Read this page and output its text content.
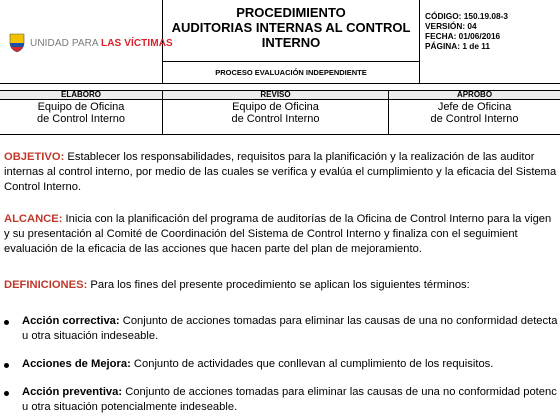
UNIDAD PARA LAS VÍCTIMAS
PROCEDIMIENTO
AUDITORIAS INTERNAS AL CONTROL
INTERNO
PROCESO EVALUACIÓN INDEPENDIENTE
CÓDIGO: 150.19.08-3
VERSIÓN: 04
FECHA: 01/06/2016
PÁGINA: 1 de 11
ELABORO
Equipo de Oficina
de Control Interno
REVISO
Equipo de Oficina
de Control Interno
APROBO
Jefe de Oficina
de Control Interno
OBJETIVO: Establecer los responsabilidades, requisitos para la planificación y la realización de las auditor
internas al control interno, por medio de las cuales se verifica y evalúa el cumplimiento y la eficacia del Sistema
Control Interno.
ALCANCE: Inicia con la planificación del programa de auditorías de la Oficina de Control Interno para la vigen
y su presentación al Comité de Coordinación del Sistema de Control Interno y finaliza con el seguimient
evaluación de la eficacia de las acciones que hacen parte del plan de mejoramiento.
DEFINICIONES: Para los fines del presente procedimiento se aplican los siguientes términos:
Acción correctiva: Conjunto de acciones tomadas para eliminar las causas de una no conformidad detecta
u otra situación indeseable.
Acciones de Mejora: Conjunto de actividades que conllevan al cumplimiento de los requisitos.
Acción preventiva: Conjunto de acciones tomadas para eliminar las causas de una no conformidad potenc
u otra situación potencialmente indeseable.
